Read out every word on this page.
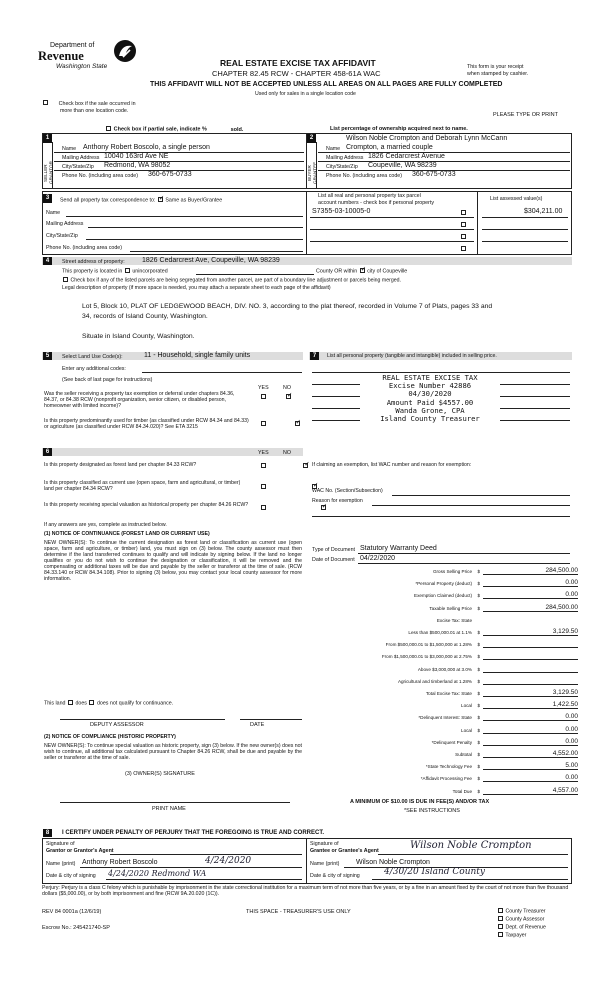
Department of
Revenue
Washington State	REAL ESTATE EXCISE TAX AFFIDAVIT
CHAPTER 82.45 RCW - CHAPTER 458-61A WAC
THIS AFFIDAVIT WILL NOT BE ACCEPTED UNLESS ALL AREAS ON ALL PAGES ARE FULLY COMPLETED
Used only for sales in a single location code
This form is your receipt
when stamped by cashier.
Check box if the sale occurred in
more than one location code.
PLEASE TYPE OR PRINT
Check box if partial sale, indicate %	sold.	List percentage of ownership acquired next to name.
1
SELLER GRANTOR
Name Anthony Robert Boscolo, a single person
Mailing Address 10040 163rd Ave NE
City/State/Zip Redmond, WA 98052
Phone No. (including area code) 360-675-0733
2
BUYER GRANTEE
Wilson Noble Crompton and Deborah Lynn McCann
Name Crompton, a married couple
Mailing Address 1826 Cedarcrest Avenue
City/State/Zip Coupeville, WA 98239
Phone No. (including area code) 360-675-0733
3	Send all property tax correspondence to: ✓ Same as Buyer/Grantee
Name
Mailing Address
City/State/Zip
Phone No. (including area code)
List all real and personal property tax parcel
account numbers - check box if personal property
List assessed value(s)
S7355-03-10005-0	$304,211.00
4	Street address of property: 1826 Cedarcrest Ave, Coupeville, WA 98239
This property is located in unincorporated	County OR within ✓ city of Coupeville
Check box if any of the listed parcels are being segregated from another parcel, are part of a boundary line adjustment or parcels being merged.
Legal description of property (if more space is needed, you may attach a separate sheet to each page of the affidavit)
Lot 5, Block 10, PLAT OF LEDGEWOOD BEACH, DIV. NO. 3, according to the plat thereof, recorded in Volume 7 of Plats, pages 33 and
34, records of Island County, Washington.
Situate in Island County, Washington.
5	Select Land Use Code(s):	11 - Household, single family units
Enter any additional codes:
(See back of last page for instructions)
YES	NO
Was the seller receiving a property tax exemption or deferral under chapters 84.36, 84.37, or 84.38 RCW (nonprofit organization, senior citizen, or disabled person, homeowner with limited income)?
✓
Is this property predominantly used for timber (as classified under RCW 84.34 and 84.33) or agriculture (as classified under RCW 84.34.020)? See ETA 3215
✓
6	YES	NO
Is this property designated as forest land per chapter 84.33 RCW?
✓
Is this property classified as current use (open space, farm and agricultural, or timber) land per chapter 84.34 RCW?
✓
Is this property receiving special valuation as historical property per chapter 84.26 RCW?
✓
If any answers are yes, complete as instructed below.
(1) NOTICE OF CONTINUANCE (FOREST LAND OR CURRENT USE)
NEW OWNER(S): To continue the current designation as forest land or classification as current use (open space, farm and agriculture, or timber) land, you must sign on (3) below. The county assessor must then determine if the land transferred continues to qualify and will indicate by signing below. If the land no longer qualifies or you do not wish to continue the designation or classification, it will be removed and the compensating or additional taxes will be due and payable by the seller or transferor at the time of sale. (RCW 84.33.140 or RCW 84.34.108). Prior to signing (3) below, you may contact your local county assessor for more information.
This land does does not qualify for continuance.
DEPUTY ASSESSOR	DATE
(2) NOTICE OF COMPLIANCE (HISTORIC PROPERTY)
NEW OWNER(S): To continue special valuation as historic property, sign (3) below. If the new owner(s) does not wish to continue, all additional tax calculated pursuant to Chapter 84.26 RCW, shall be due and payable by the seller or transferor at the time of sale.
(3) OWNER(S) SIGNATURE
PRINT NAME
7	List all personal property (tangible and intangible) included in selling price.
REAL ESTATE EXCISE TAX
Excise Number 42886
04/30/2020
Amount Paid $4557.00
Wanda Grone, CPA
Island County Treasurer
If claiming an exemption, list WAC number and reason for exemption:
WAC No. (Section/Subsection)
Reason for exemption
Type of Document Statutory Warranty Deed
Date of Document 04/22/2020
Gross Selling Price $	284,500.00
*Personal Property (deduct) $	0.00
Exemption Claimed (deduct) $	0.00
Taxable Selling Price $	284,500.00
Excise Tax: State
Less than $500,000.01 at 1.1% $	3,129.50
From $500,000.01 to $1,500,000 at 1.28% $
From $1,500,000.01 to $3,000,000 at 2.75% $
Above $3,000,000 at 3.0% $
Agricultural and timberland at 1.28% $
Total Excise Tax: State $	3,129.50
Local $	1,422.50
*Delinquent Interest: State $	0.00
Local $	0.00
*Delinquent Penalty $	0.00
Subtotal $	4,552.00
*State Technology Fee $	5.00
*Affidavit Processing Fee $	0.00
Total Due $	4,557.00
A MINIMUM OF $10.00 IS DUE IN FEE(S) AND/OR TAX
*SEE INSTRUCTIONS
8	I CERTIFY UNDER PENALTY OF PERJURY THAT THE FOREGOING IS TRUE AND CORRECT.
Signature of
Grantor or Grantor's Agent
Name (print) Anthony Robert Boscolo	4/24/2020
Date & city of signing 4/24/2020 Redmond WA
Signature of
Grantee or Grantee's Agent	Wilson Noble Crompton
Name (print) Wilson Noble Crompton
Date & city of signing	4/30/20 Island County
Perjury: Perjury is a class C felony which is punishable by imprisonment in the state correctional institution for a maximum term of not more than five years, or by a fine in an amount fixed by the court of not more than five thousand dollars ($5,000.00), or by both imprisonment and fine (RCW 9A.20.020 (1C)).
REV 84 0001a (12/6/19)	THIS SPACE - TREASURER'S USE ONLY
Escrow No.: 245421740-SP
County Treasurer
County Assessor
Dept. of Revenue
Taxpayer
